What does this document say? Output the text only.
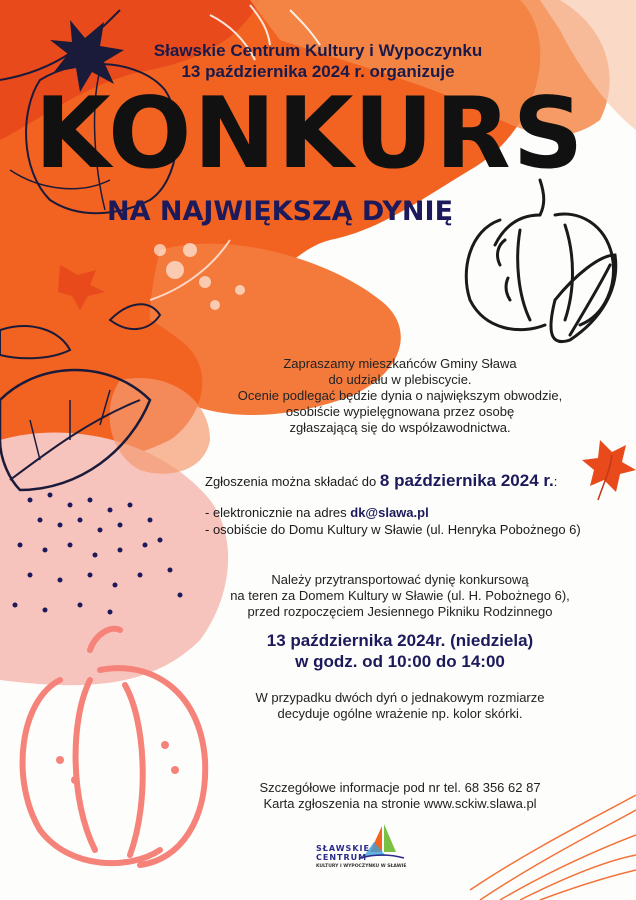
Sławskie Centrum Kultury i Wypoczynku
13 października 2024 r. organizuje
KONKURS
NA NAJWIĘKSZĄ DYNIĘ
Zapraszamy mieszkańców Gminy Sława
do udziału w plebiscycie.
Ocenie podlegać będzie dynia o największym obwodzie,
osobiście wypielęgnowana przez osobę
zgłaszającą się do współzawodnictwa.
Zgłoszenia można składać do 8 października 2024 r.:
- elektronicznie na adres dk@slawa.pl
- osobiście do Domu Kultury w Sławie (ul. Henryka Pobożnego 6)
Należy przytransportować dynię konkursową
na teren za Domem Kultury w Sławie (ul. H. Pobożnego 6),
przed rozpoczęciem Jesiennego Pikniku Rodzinnego
13 października 2024r. (niedziela)
w godz. od 10:00 do 14:00
W przypadku dwóch dyń o jednakowym rozmiarze
decyduje ogólne wrażenie np. kolor skórki.
Szczegółowe informacje pod nr tel. 68 356 62 87
Karta zgłoszenia na stronie www.sckiw.slawa.pl
SŁAWSKIE
CENTRUM
KULTURY I WYPOCZYNKU W SŁAWIE
